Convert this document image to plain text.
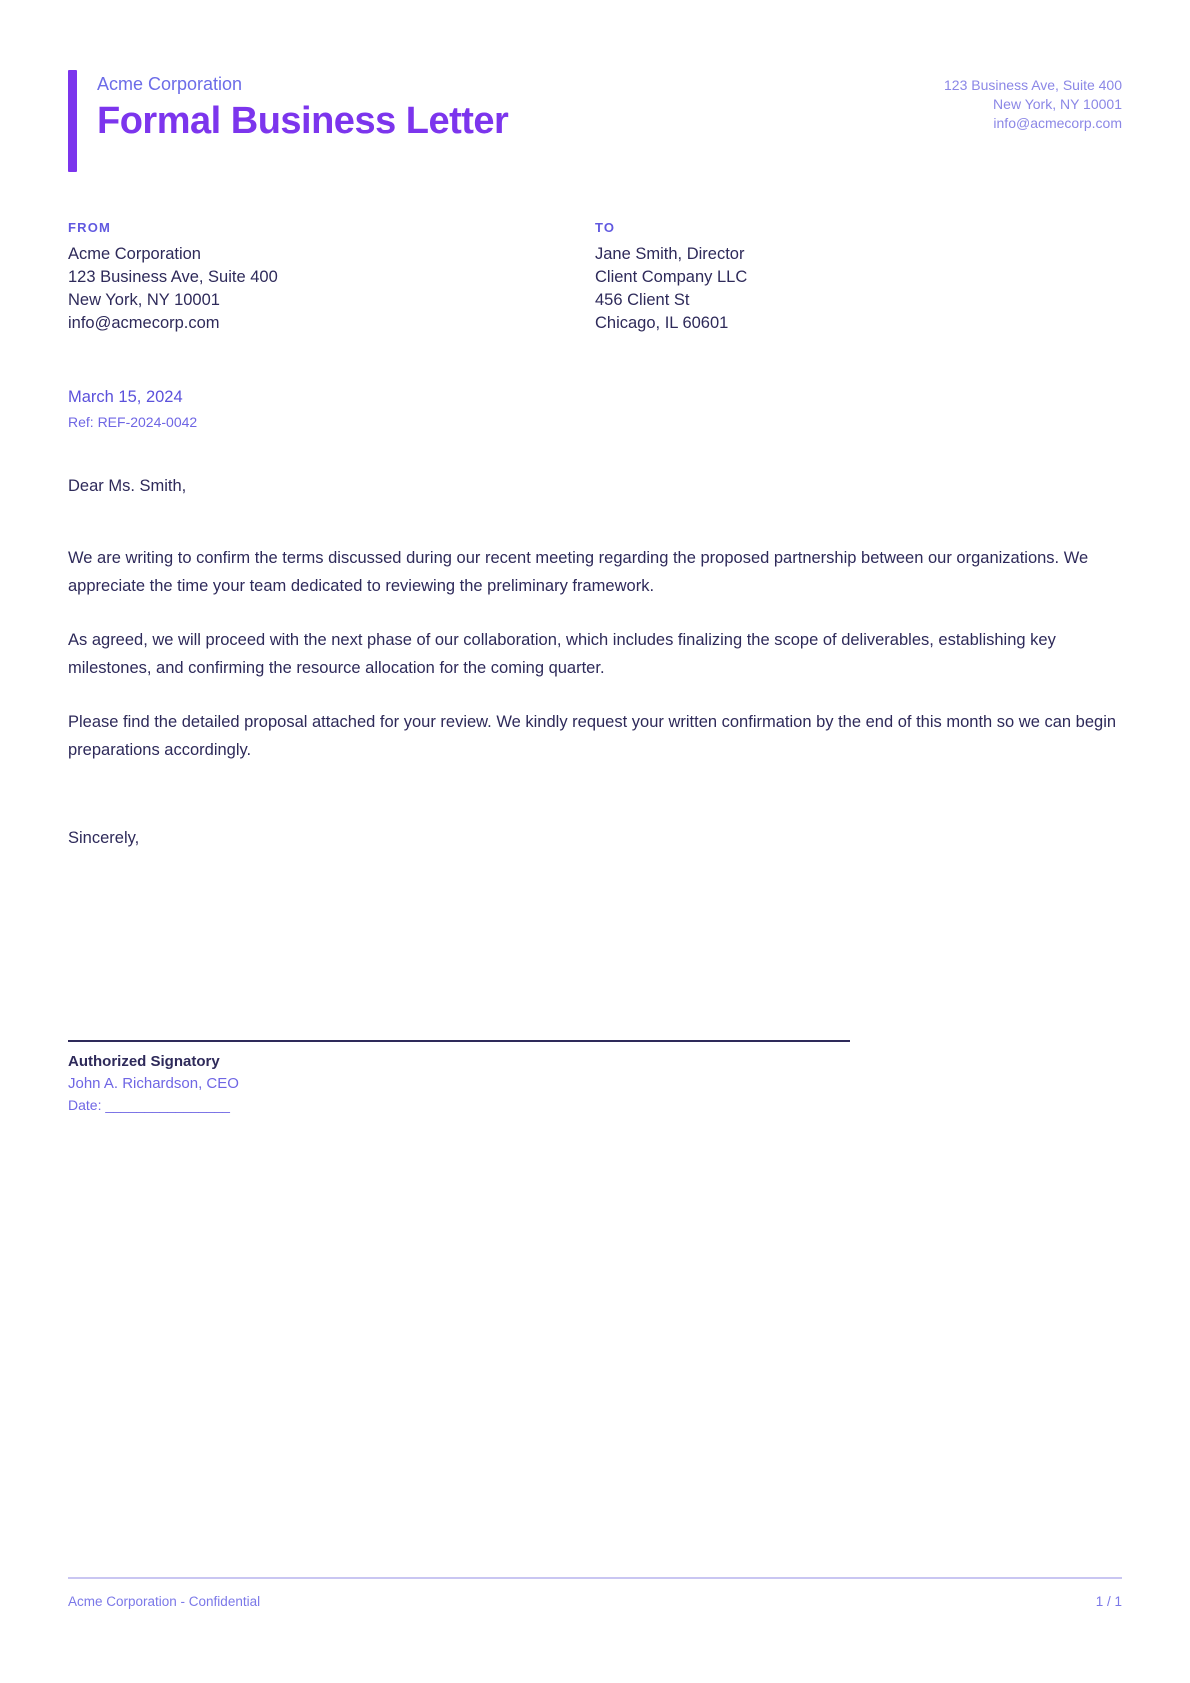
Acme Corporation
Formal Business Letter
123 Business Ave, Suite 400
New York, NY 10001
info@acmecorp.com
FROM
Acme Corporation
123 Business Ave, Suite 400
New York, NY 10001
info@acmecorp.com
TO
Jane Smith, Director
Client Company LLC
456 Client St
Chicago, IL 60601
March 15, 2024
Ref: REF-2024-0042

Dear Ms. Smith,

We are writing to confirm the terms discussed during our recent meeting regarding the proposed partnership between our organizations. We appreciate the time your team dedicated to reviewing the preliminary framework.

As agreed, we will proceed with the next phase of our collaboration, which includes finalizing the scope of deliverables, establishing key milestones, and confirming the resource allocation for the coming quarter.

Please find the detailed proposal attached for your review. We kindly request your written confirmation by the end of this month so we can begin preparations accordingly.

Sincerely,

Authorized Signatory
John A. Richardson, CEO
Date: ________________
Acme Corporation - Confidential	1 / 1
